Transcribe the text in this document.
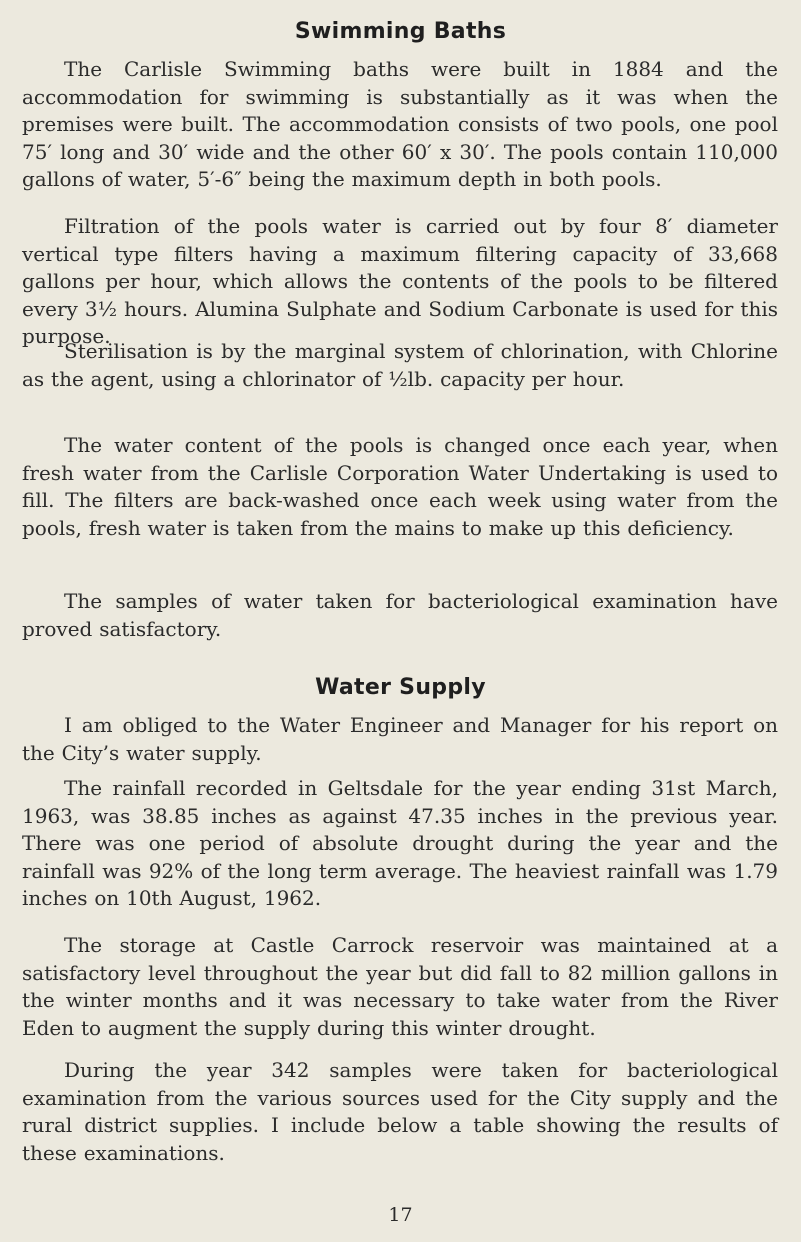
Swimming Baths

The Carlisle Swimming baths were built in 1884 and the accommodation for swimming is substantially as it was when the premises were built. The accommodation consists of two pools, one pool 75′ long and 30′ wide and the other 60′ x 30′. The pools contain 110,000 gallons of water, 5′-6″ being the maximum depth in both pools.

Filtration of the pools water is carried out by four 8′ diameter vertical type filters having a maximum filtering capacity of 33,668 gallons per hour, which allows the contents of the pools to be filtered every 3½ hours. Alumina Sulphate and Sodium Carbonate is used for this purpose.

Sterilisation is by the marginal system of chlorination, with Chlorine as the agent, using a chlorinator of ½lb. capacity per hour.

The water content of the pools is changed once each year, when fresh water from the Carlisle Corporation Water Undertaking is used to fill. The filters are back-washed once each week using water from the pools, fresh water is taken from the mains to make up this deficiency.

The samples of water taken for bacteriological examination have proved satisfactory.

Water Supply

I am obliged to the Water Engineer and Manager for his report on the City’s water supply.

The rainfall recorded in Geltsdale for the year ending 31st March, 1963, was 38.85 inches as against 47.35 inches in the previous year. There was one period of absolute drought during the year and the rainfall was 92% of the long term average. The heaviest rainfall was 1.79 inches on 10th August, 1962.

The storage at Castle Carrock reservoir was maintained at a satisfactory level throughout the year but did fall to 82 million gallons in the winter months and it was necessary to take water from the River Eden to augment the supply during this winter drought.

During the year 342 samples were taken for bacteriological examination from the various sources used for the City supply and the rural district supplies. I include below a table showing the results of these examinations.

17
